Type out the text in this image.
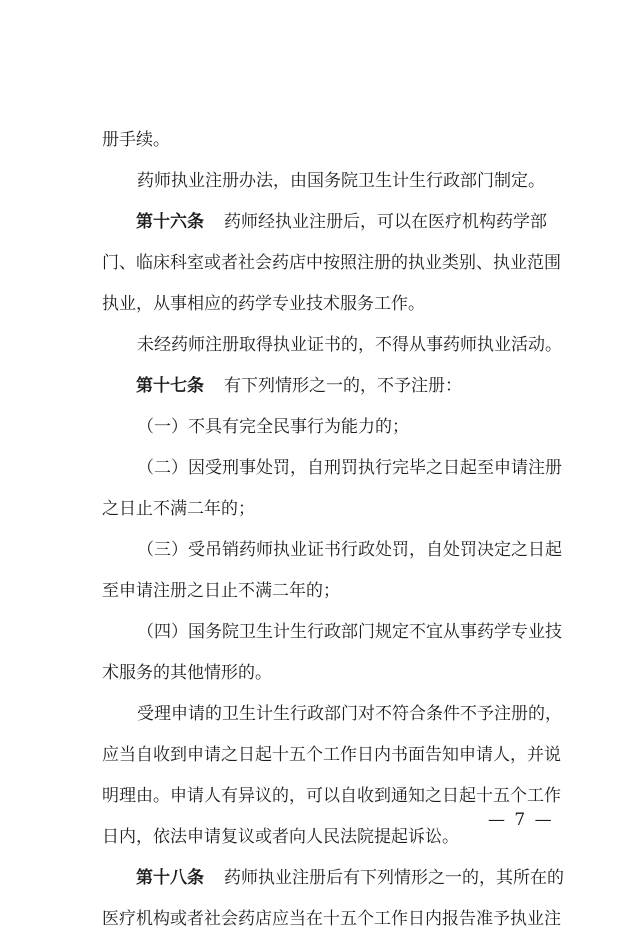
册手续。
药师执业注册办法，由国务院卫生计生行政部门制定。
第十六条 药师经执业注册后，可以在医疗机构药学部
门、临床科室或者社会药店中按照注册的执业类别、执业范围
执业，从事相应的药学专业技术服务工作。
未经药师注册取得执业证书的，不得从事药师执业活动。
第十七条 有下列情形之一的，不予注册：
（一）不具有完全民事行为能力的；
（二）因受刑事处罚，自刑罚执行完毕之日起至申请注册
之日止不满二年的；
（三）受吊销药师执业证书行政处罚，自处罚决定之日起
至申请注册之日止不满二年的；
（四）国务院卫生计生行政部门规定不宜从事药学专业技
术服务的其他情形的。
受理申请的卫生计生行政部门对不符合条件不予注册的，
应当自收到申请之日起十五个工作日内书面告知申请人，并说
明理由。申请人有异议的，可以自收到通知之日起十五个工作
日内，依法申请复议或者向人民法院提起诉讼。
第十八条 药师执业注册后有下列情形之一的，其所在的
医疗机构或者社会药店应当在十五个工作日内报告准予执业注
— 7 —
